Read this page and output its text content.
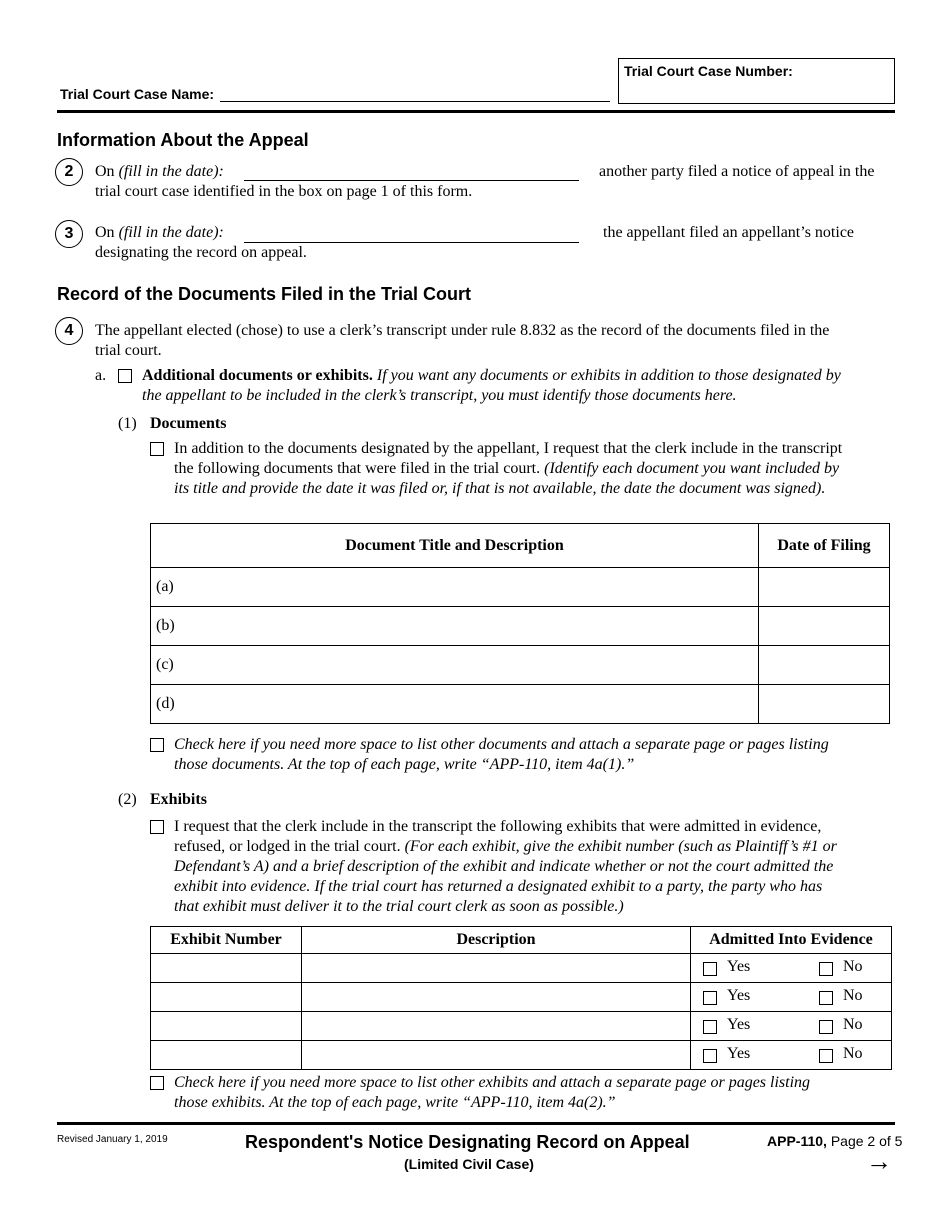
Trial Court Case Name:
Trial Court Case Number:
Information About the Appeal
2	On (fill in the date):	another party filed a notice of appeal in the
trial court case identified in the box on page 1 of this form.
3	On (fill in the date):	the appellant filed an appellant’s notice
designating the record on appeal.
Record of the Documents Filed in the Trial Court
4	The appellant elected (chose) to use a clerk’s transcript under rule 8.832 as the record of the documents filed in the
trial court.
a. Additional documents or exhibits. If you want any documents or exhibits in addition to those designated by
the appellant to be included in the clerk’s transcript, you must identify those documents here.
(1) Documents
In addition to the documents designated by the appellant, I request that the clerk include in the transcript
the following documents that were filed in the trial court. (Identify each document you want included by
its title and provide the date it was filed or, if that is not available, the date the document was signed).
Document Title and Description	Date of Filing
(a)	
(b)	
(c)	
(d)	
Check here if you need more space to list other documents and attach a separate page or pages listing
those documents. At the top of each page, write “APP-110, item 4a(1).”
(2) Exhibits
I request that the clerk include in the transcript the following exhibits that were admitted in evidence,
refused, or lodged in the trial court. (For each exhibit, give the exhibit number (such as Plaintiff’s #1 or
Defendant’s A) and a brief description of the exhibit and indicate whether or not the court admitted the
exhibit into evidence. If the trial court has returned a designated exhibit to a party, the party who has
that exhibit must deliver it to the trial court clerk as soon as possible.)
Exhibit Number	Description	Admitted Into Evidence

		Yes No

		Yes No

		Yes No

		Yes No
Check here if you need more space to list other exhibits and attach a separate page or pages listing
those exhibits. At the top of each page, write “APP-110, item 4a(2).”
Revised January 1, 2019	Respondent's Notice Designating Record on Appeal
(Limited Civil Case)
APP-110, Page 2 of 5
→
